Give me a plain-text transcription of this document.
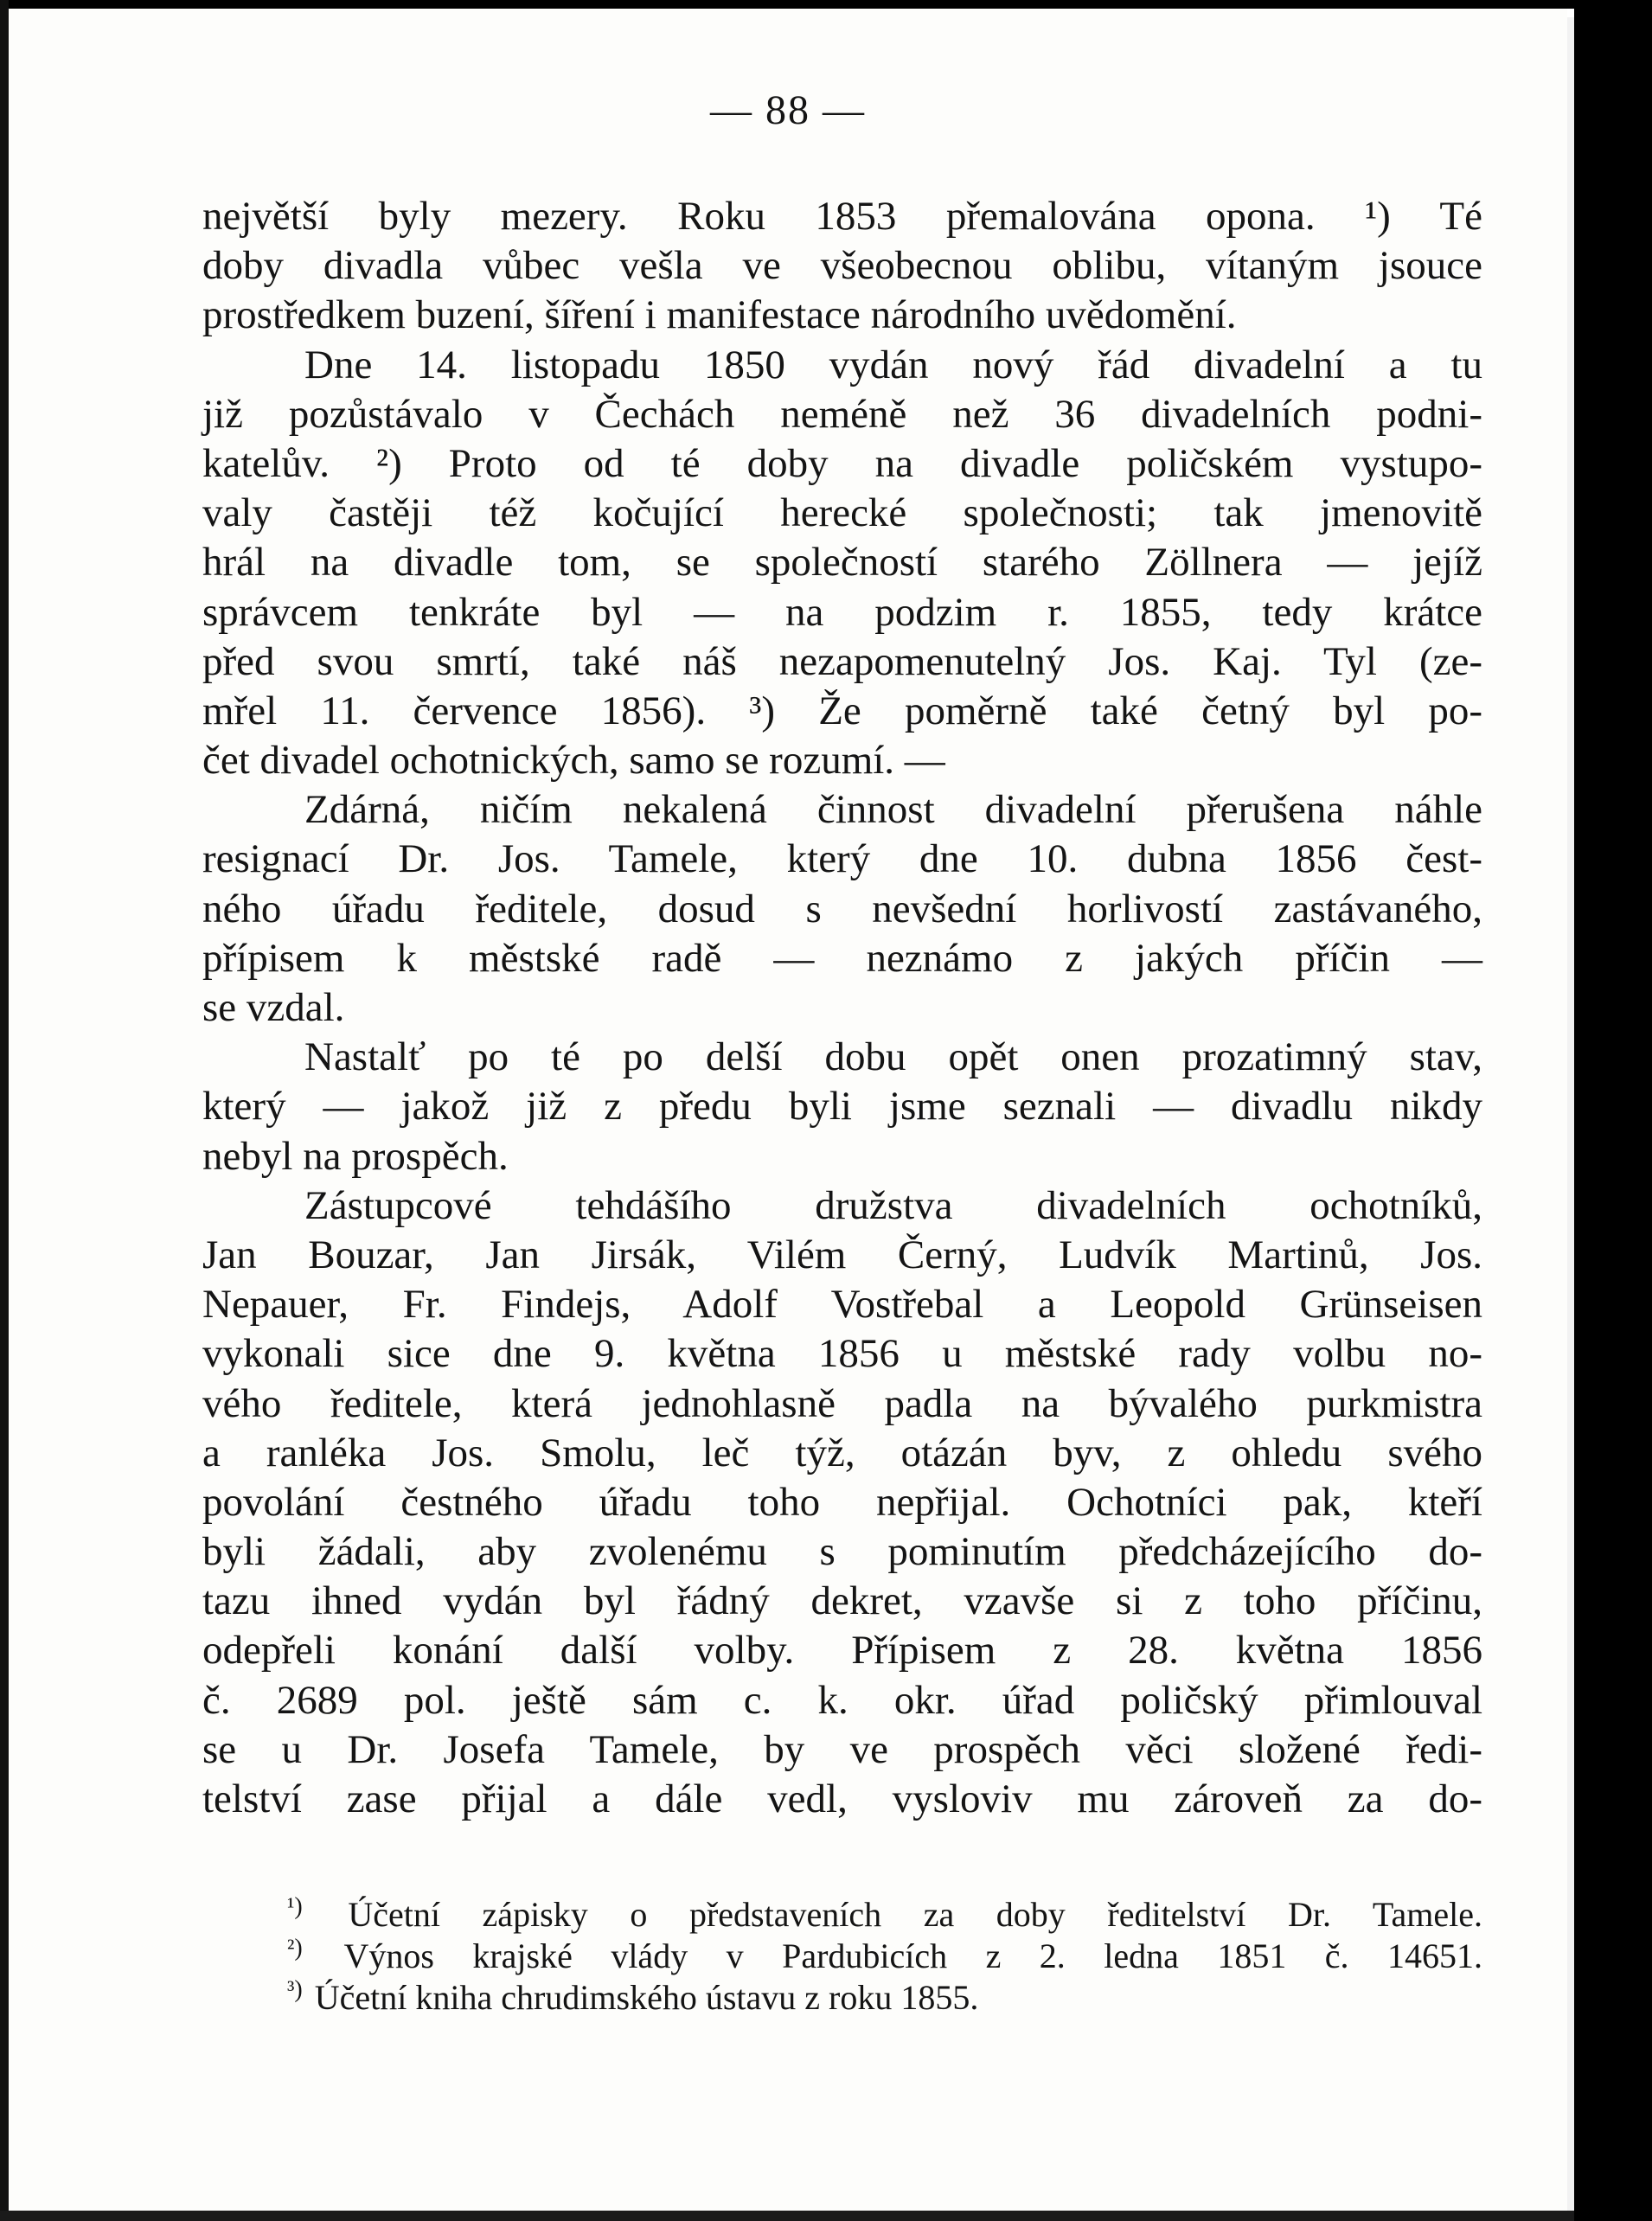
— 88 —
největší byly mezery. Roku 1853 přemalována opona. ¹) Té
doby divadla vůbec vešla ve všeobecnou oblibu, vítaným jsouce
prostředkem buzení, šíření i manifestace národního uvědomění.
Dne 14. listopadu 1850 vydán nový řád divadelní a tu
již pozůstávalo v Čechách neméně než 36 divadelních podni-
katelův. ²) Proto od té doby na divadle poličském vystupo-
valy častěji též kočující herecké společnosti; tak jmenovitě
hrál na divadle tom, se společností starého Zöllnera — jejíž
správcem tenkráte byl — na podzim r. 1855, tedy krátce
před svou smrtí, také náš nezapomenutelný Jos. Kaj. Tyl (ze-
mřel 11. července 1856). ³) Že poměrně také četný byl po-
čet divadel ochotnických, samo se rozumí. —
Zdárná, ničím nekalená činnost divadelní přerušena náhle
resignací Dr. Jos. Tamele, který dne 10. dubna 1856 čest-
ného úřadu ředitele, dosud s nevšední horlivostí zastávaného,
přípisem k městské radě — neznámo z jakých příčin —
se vzdal.
Nastalť po té po delší dobu opět onen prozatimný stav,
který — jakož již z předu byli jsme seznali — divadlu nikdy
nebyl na prospěch.
Zástupcové tehdášího družstva divadelních ochotníků,
Jan Bouzar, Jan Jirsák, Vilém Černý, Ludvík Martinů, Jos.
Nepauer, Fr. Findejs, Adolf Vostřebal a Leopold Grünseisen
vykonali sice dne 9. května 1856 u městské rady volbu no-
vého ředitele, která jednohlasně padla na bývalého purkmistra
a ranléka Jos. Smolu, leč týž, otázán byv, z ohledu svého
povolání čestného úřadu toho nepřijal. Ochotníci pak, kteří
byli žádali, aby zvolenému s pominutím předcházejícího do-
tazu ihned vydán byl řádný dekret, vzavše si z toho příčinu,
odepřeli konání další volby. Přípisem z 28. května 1856
č. 2689 pol. ještě sám c. k. okr. úřad poličský přimlouval
se u Dr. Josefa Tamele, by ve prospěch věci složené ředi-
telství zase přijal a dále vedl, vysloviv mu zároveň za do-
¹) Účetní zápisky o představeních za doby ředitelství Dr. Tamele.
²) Výnos krajské vlády v Pardubicích z 2. ledna 1851 č. 14651.
³) Účetní kniha chrudimského ústavu z roku 1855.
